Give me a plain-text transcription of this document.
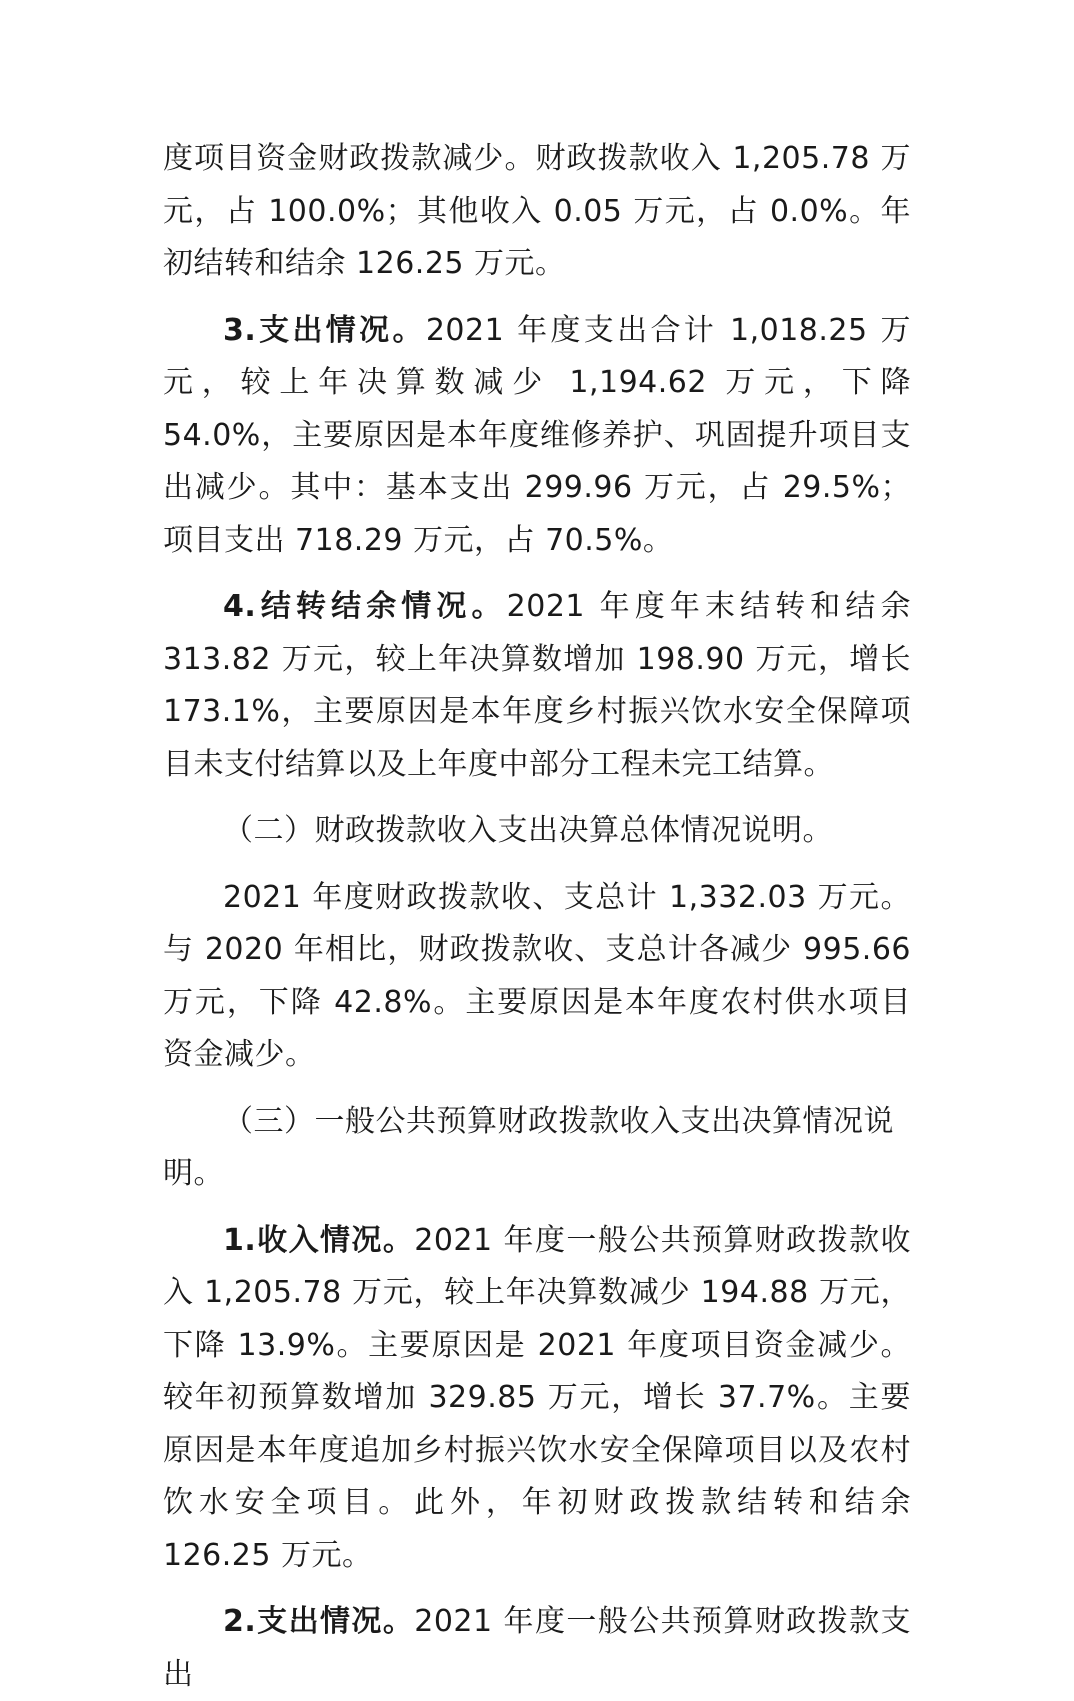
度项目资金财政拨款减少。财政拨款收入 1,205.78 万元，占 100.0%；其他收入 0.05 万元，占 0.0%。年初结转和结余 126.25 万元。

3.支出情况。2021 年度支出合计 1,018.25 万元，较上年决算数减少 1,194.62 万元，下降 54.0%，主要原因是本年度维修养护、巩固提升项目支出减少。其中：基本支出 299.96 万元，占 29.5%；项目支出 718.29 万元，占 70.5%。

4.结转结余情况。2021 年度年末结转和结余 313.82 万元，较上年决算数增加 198.90 万元，增长 173.1%，主要原因是本年度乡村振兴饮水安全保障项目未支付结算以及上年度中部分工程未完工结算。

（二）财政拨款收入支出决算总体情况说明。

2021 年度财政拨款收、支总计 1,332.03 万元。与 2020 年相比，财政拨款收、支总计各减少 995.66 万元，下降 42.8%。主要原因是本年度农村供水项目资金减少。

（三）一般公共预算财政拨款收入支出决算情况说明。

1.收入情况。2021 年度一般公共预算财政拨款收入 1,205.78 万元，较上年决算数减少 194.88 万元，下降 13.9%。主要原因是 2021 年度项目资金减少。较年初预算数增加 329.85 万元，增长 37.7%。主要原因是本年度追加乡村振兴饮水安全保障项目以及农村饮水安全项目。此外，年初财政拨款结转和结余 126.25 万元。

2.支出情况。2021 年度一般公共预算财政拨款支出
